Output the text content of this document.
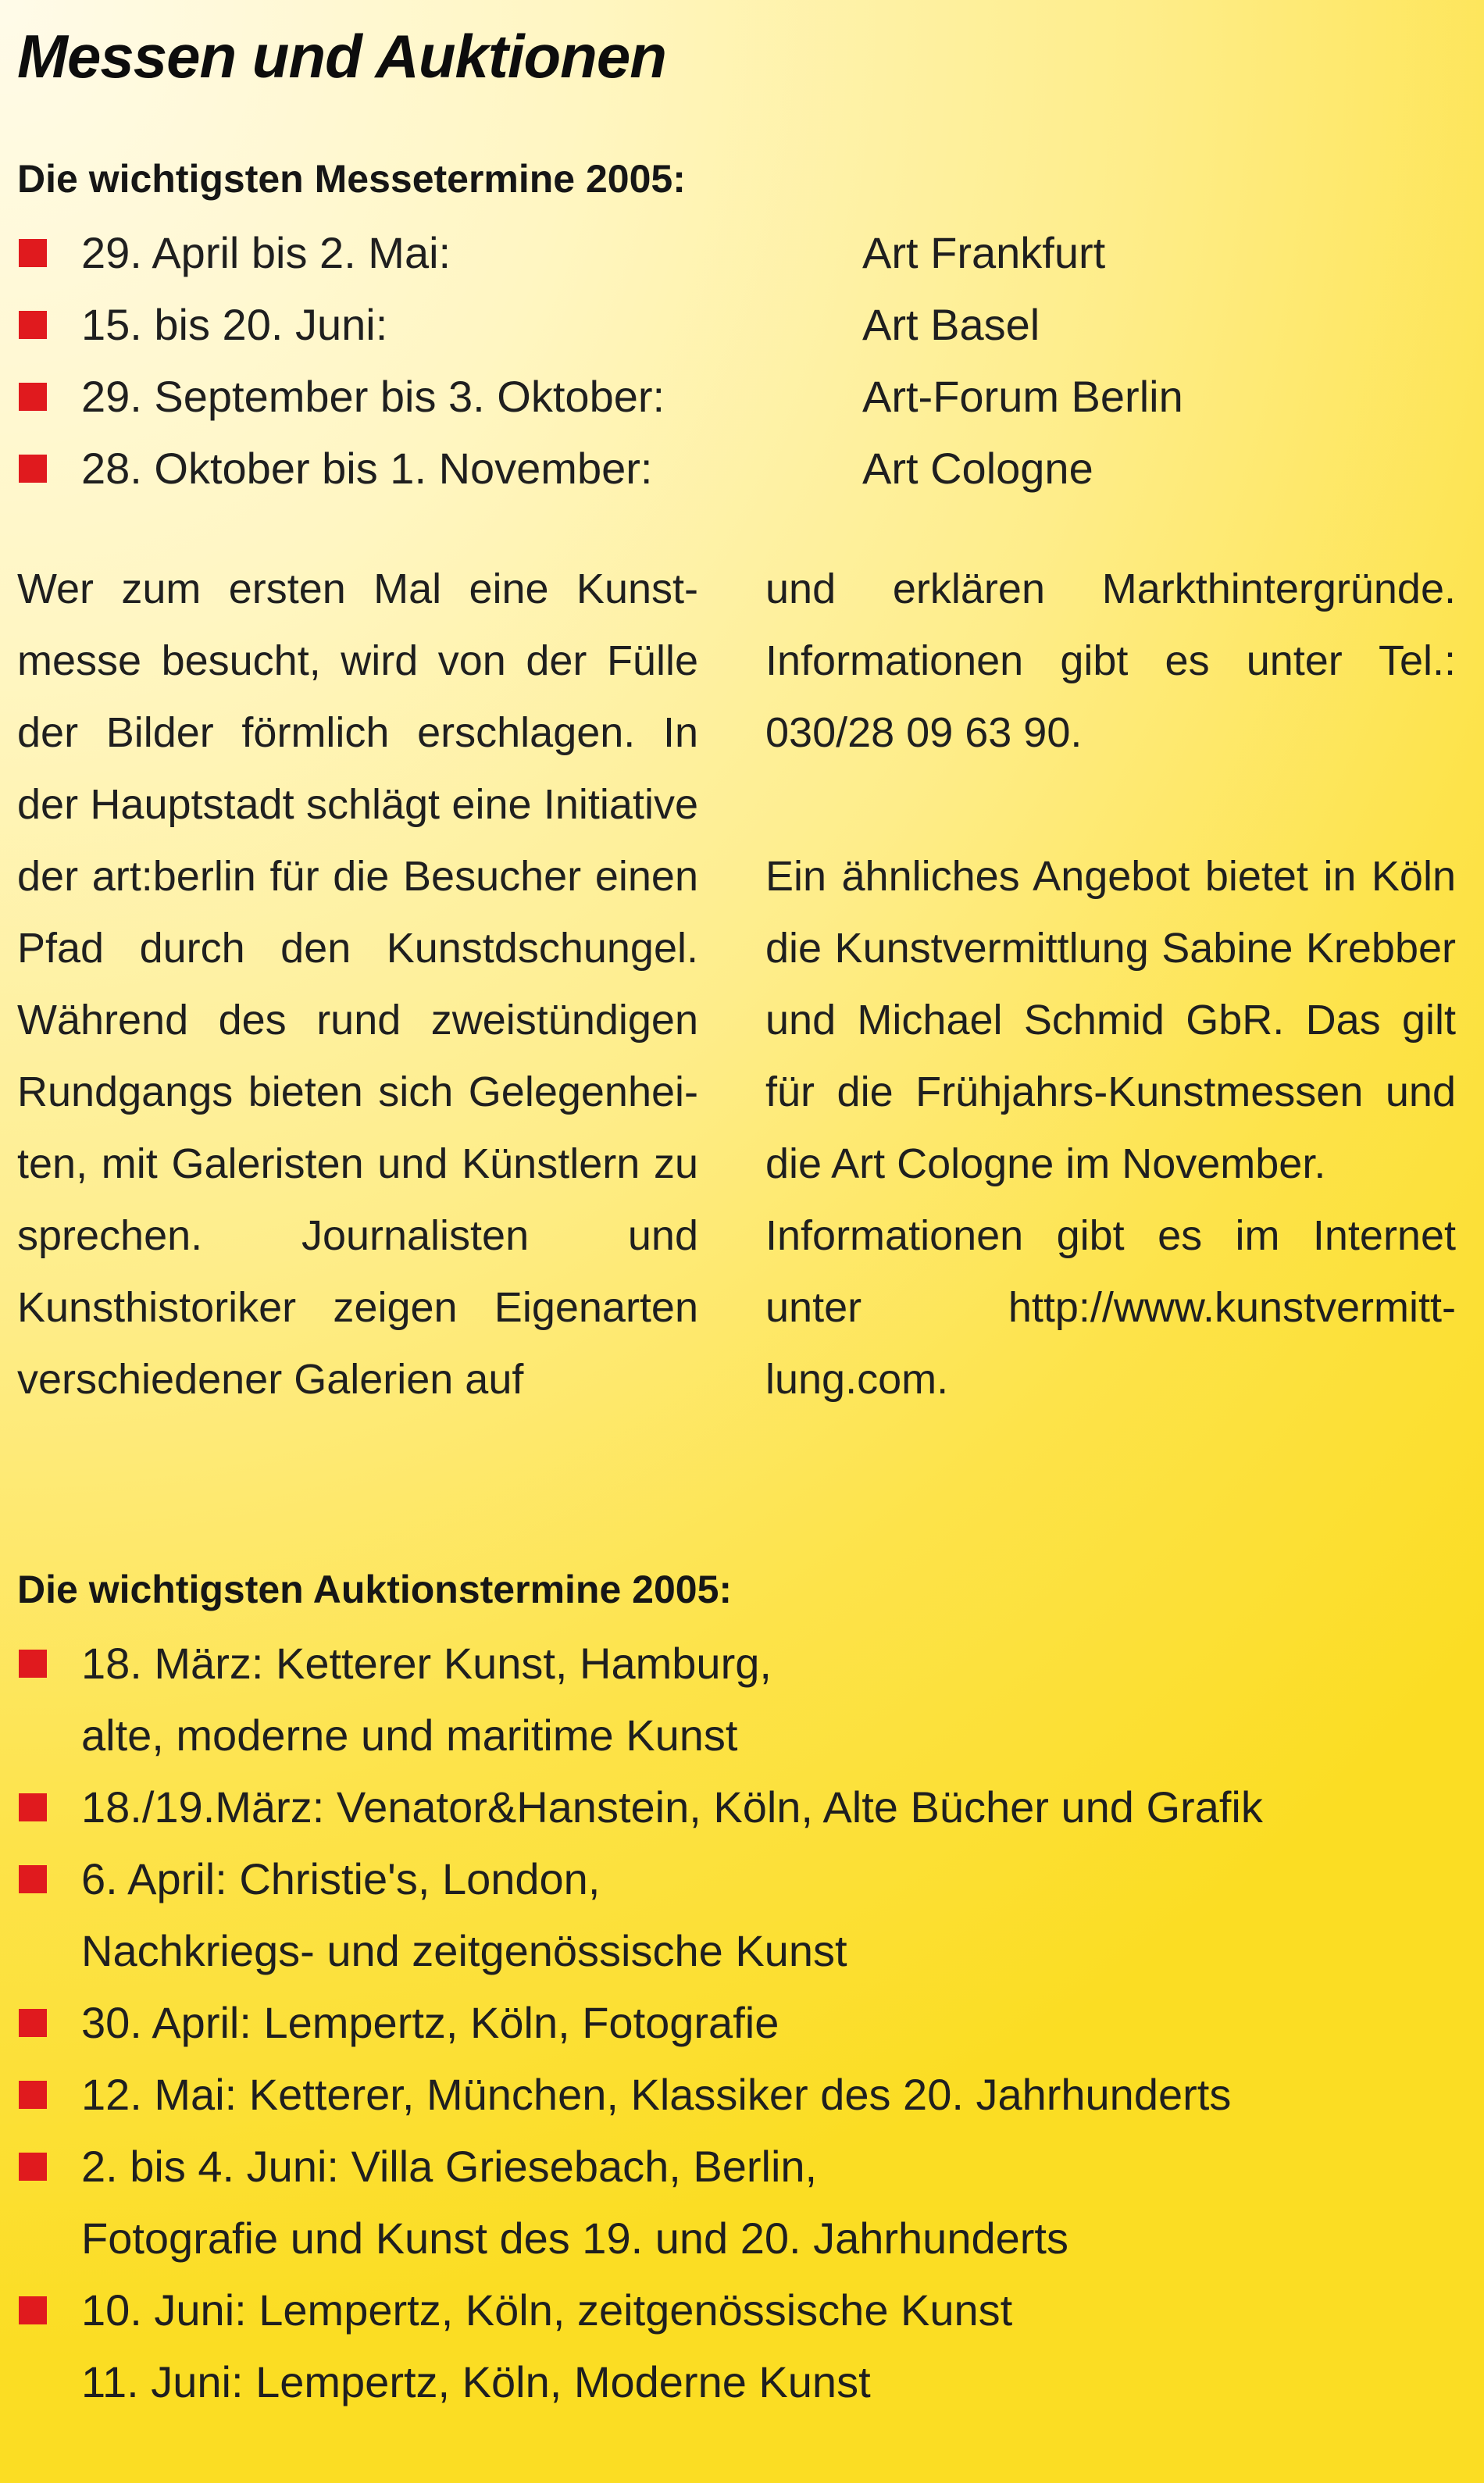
Messen und Auktionen
Die wichtigsten Messetermine 2005:
29. April bis 2. Mai:	Art Frankfurt
15. bis 20. Juni:	Art Basel
29. September bis 3. Oktober:	Art-Forum Berlin
28. Oktober bis 1. November:	Art Cologne

Wer zum ersten Mal eine Kunstmesse besucht, wird von der Fülle der Bilder förmlich erschlagen. In der Hauptstadt schlägt eine Initiative der art:berlin für die Besucher einen Pfad durch den Kunstdschungel. Während des rund zweistündigen Rundgangs bieten sich Gelegenheiten, mit Galeristen und Künstlern zu sprechen. Journalisten und Kunsthistoriker zeigen Eigenarten verschiedener Galerien auf

und erklären Markthintergründe. Informationen gibt es unter Tel.: 030/28 09 63 90.

Ein ähnliches Angebot bietet in Köln die Kunstvermittlung Sabine Krebber und Michael Schmid GbR. Das gilt für die Frühjahrs-Kunstmessen und die Art Cologne im November.

Informationen gibt es im Internet unter http://www.kunstvermittlung.com.

Die wichtigsten Auktionstermine 2005:
18. März: Ketterer Kunst, Hamburg,
alte, moderne und maritime Kunst
18./19.März: Venator&Hanstein, Köln, Alte Bücher und Grafik
6. April: Christie's, London,
Nachkriegs- und zeitgenössische Kunst
30. April: Lempertz, Köln, Fotografie
12. Mai: Ketterer, München, Klassiker des 20. Jahrhunderts
2. bis 4. Juni: Villa Griesebach, Berlin,
Fotografie und Kunst des 19. und 20. Jahrhunderts
10. Juni: Lempertz, Köln, zeitgenössische Kunst
11. Juni: Lempertz, Köln, Moderne Kunst
